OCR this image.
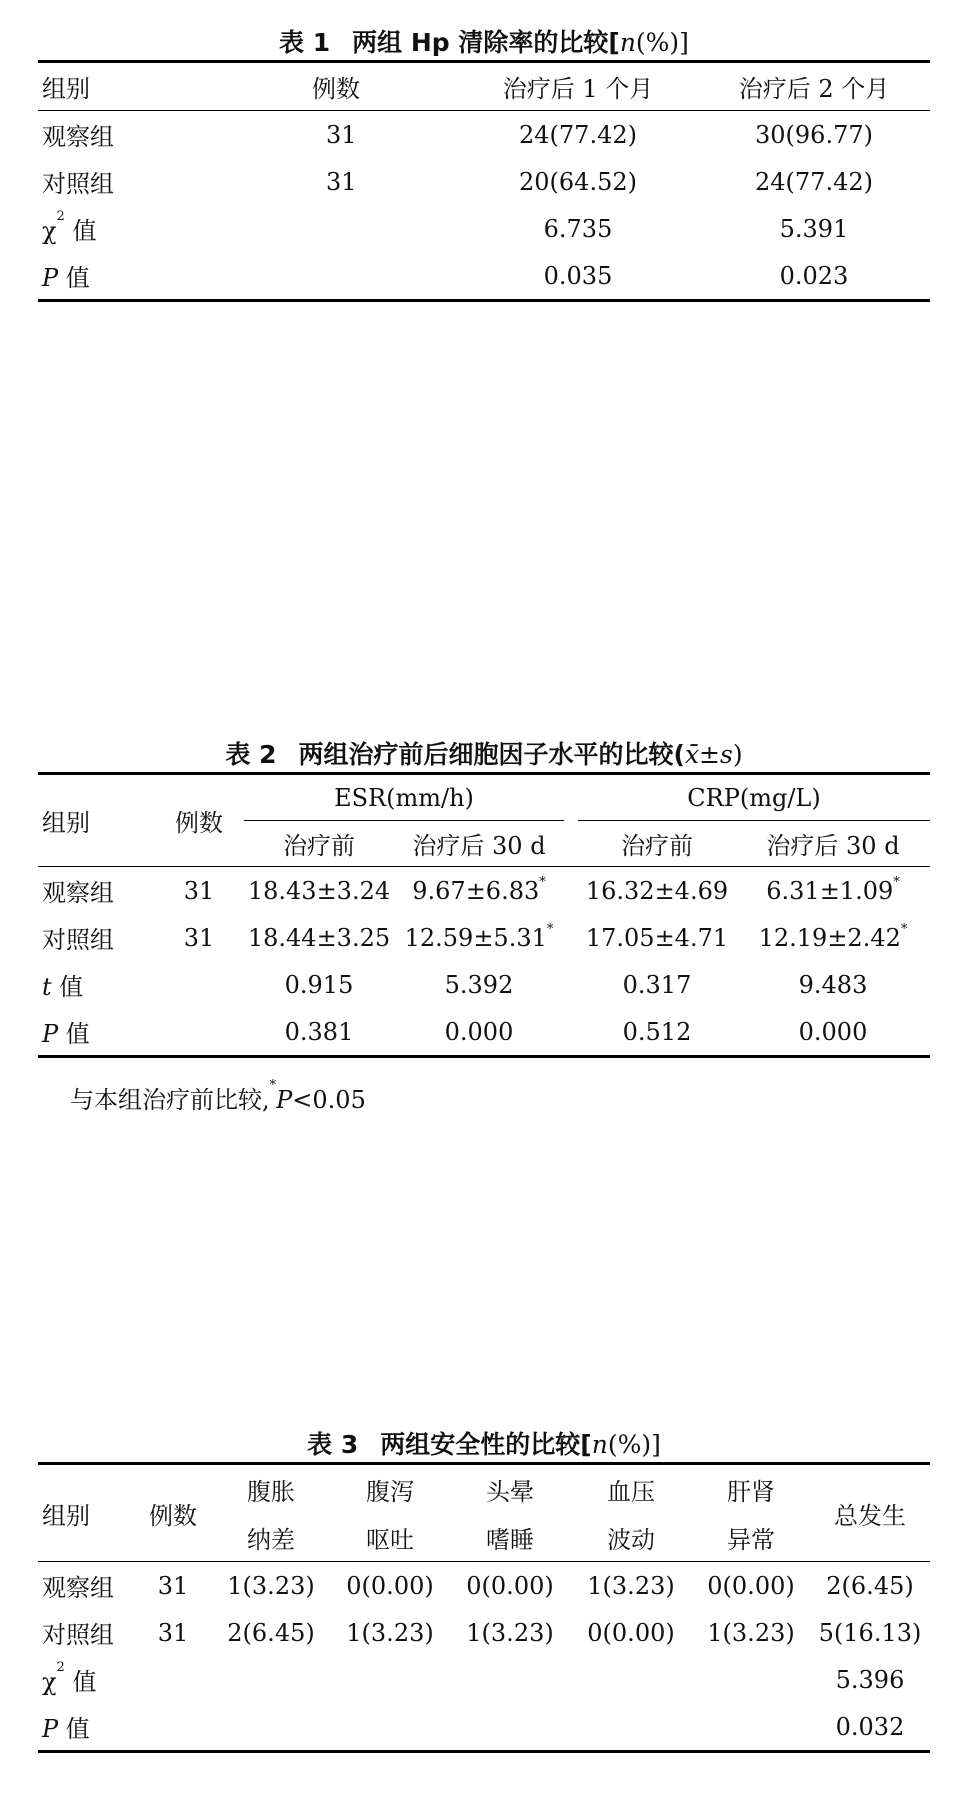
表 1 两组 Hp 清除率的比较[n(%)]
组别	例数	治疗后 1 个月	治疗后 2 个月
观察组	31	24(77.42)	30(96.77)
对照组	31	20(64.52)	24(77.42)
$\chi^2$ 值		6.735	5.391
P 值		0.035	0.023
表 2 两组治疗前后细胞因子水平的比较(x̄±s)
组别	例数	ESR(mm/h)			CRP(mg/L)	
		治疗前	治疗后 30 d		治疗前	治疗后 30 d
观察组	31	18.43±3.24	9.67±6.83*		16.32±4.69	6.31±1.09*
对照组	31	18.44±3.25	12.59±5.31*		17.05±4.71	12.19±2.42*
t 值		0.915	5.392		0.317	9.483
P 值		0.381	0.000		0.512	0.000
与本组治疗前比较,*P<0.05
表 3 两组安全性的比较[n(%)]
组别	例数	腹胀	腹泻	头晕	血压	肝肾	总发生
		纳差	呕吐	嗜睡	波动	异常	
观察组	31	1(3.23)	0(0.00)	0(0.00)	1(3.23)	0(0.00)	2(6.45)
对照组	31	2(6.45)	1(3.23)	1(3.23)	0(0.00)	1(3.23)	5(16.13)
$\chi^2$ 值							5.396
P 值							0.032
